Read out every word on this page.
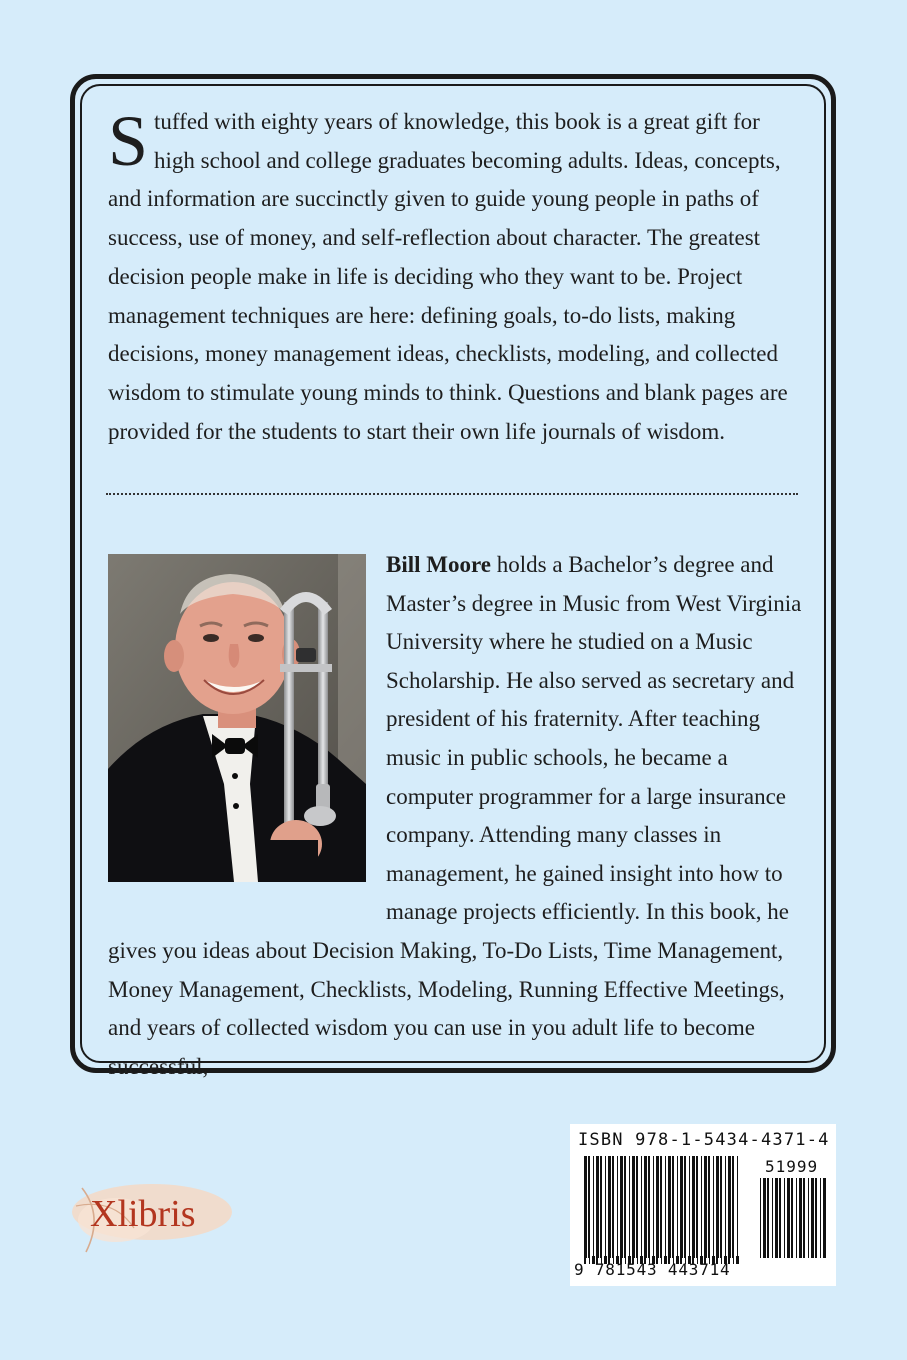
Stuffed with eighty years of knowledge, this book is a great gift for high school and college graduates becoming adults. Ideas, concepts, and information are succinctly given to guide young people in paths of success, use of money, and self-reflection about character. The greatest decision people make in life is deciding who they want to be. Project management techniques are here: defining goals, to-do lists, making decisions, money management ideas, checklists, modeling, and collected wisdom to stimulate young minds to think. Questions and blank pages are provided for the students to start their own life journals of wisdom.

Bill Moore holds a Bachelor’s degree and Master’s degree in Music from West Virginia University where he studied on a Music Scholarship. He also served as secretary and president of his fraternity. After teaching music in public schools, he became a computer programmer for a large insurance company. Attending many classes in management, he gained insight into how to manage projects efficiently. In this book, he gives you ideas about Decision Making, To-Do Lists, Time Management, Money Management, Checklists, Modeling, Running Effective Meetings, and years of collected wisdom you can use in you adult life to become successful,

Xlibris
ISBN 978-1-5434-4371-4
51999
9 781543 443714
